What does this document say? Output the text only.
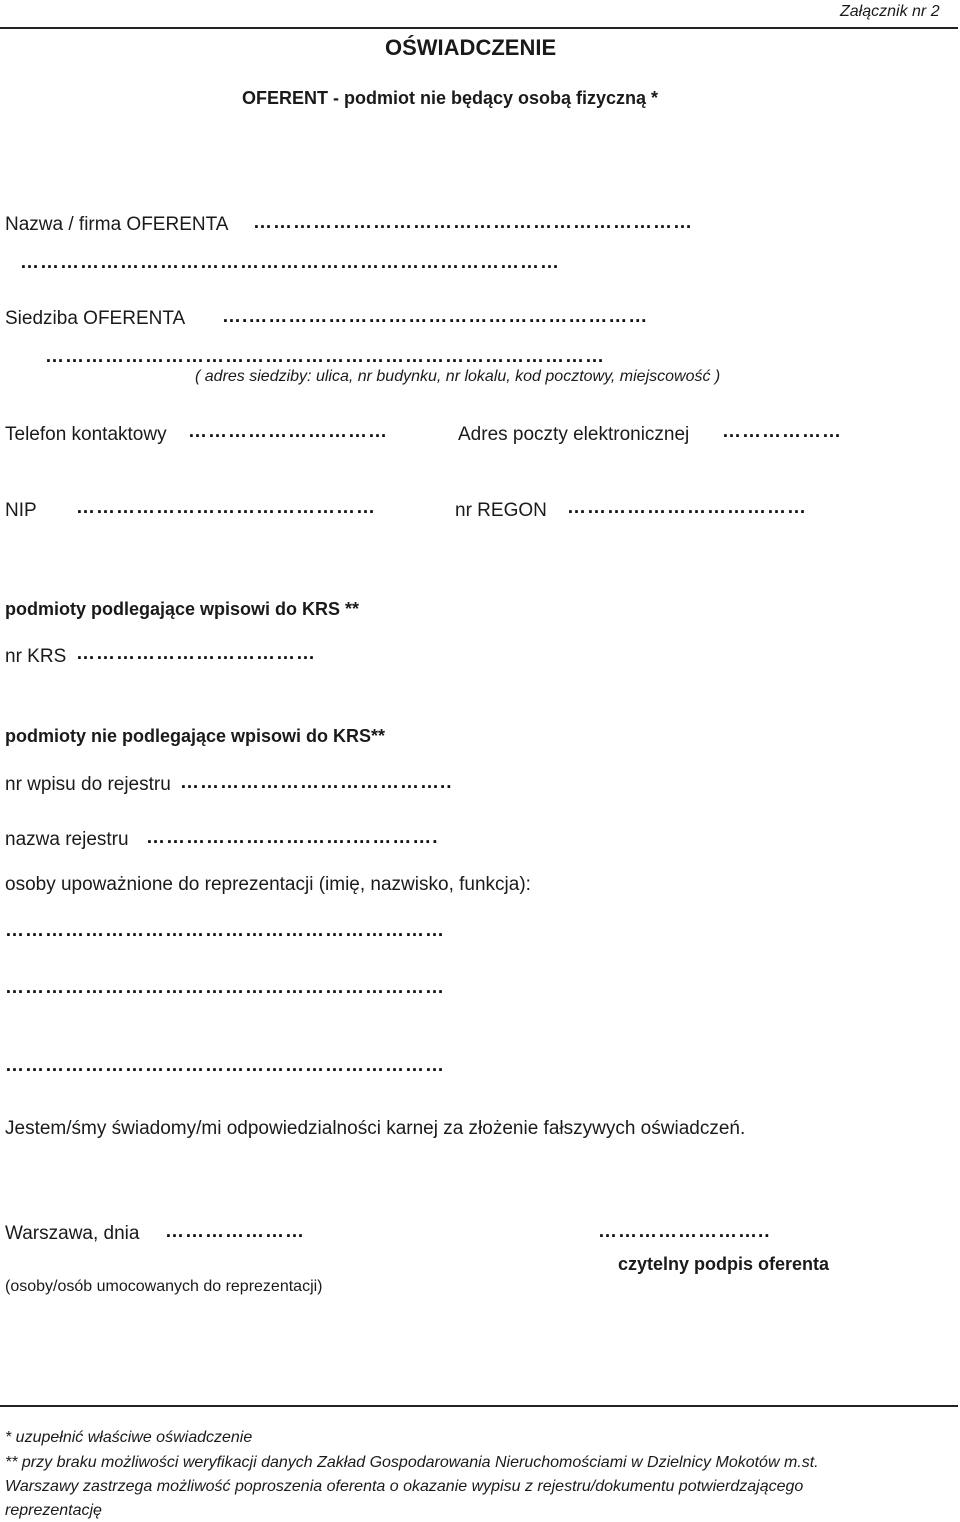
Załącznik nr 2
OŚWIADCZENIE
OFERENT - podmiot nie będący osobą fizyczną *
Nazwa / firma OFERENTA …………………………………………………………
………………………………………………………………………
Siedziba OFERENTA ….……………………………………………………
…………………………………………………………………………
( adres siedziby: ulica, nr budynku, nr lokalu, kod pocztowy, miejscowość )
Telefon kontaktowy …………………………	Adres poczty elektronicznej ………………
NIP ………………………………………	nr REGON ………………………………
podmioty podlegające wpisowi do KRS **
nr KRS ………………………………
podmioty nie podlegające wpisowi do KRS**
nr wpisu do rejestru …………………………………..
nazwa rejestru ………………………….………….
osoby upoważnione do reprezentacji (imię, nazwisko, funkcja):
…………………………………………………………
…………………………………………………………
…………………………………………………………
Jestem/śmy świadomy/mi odpowiedzialności karnej za złożenie fałszywych oświadczeń.
Warszawa, dnia …………………	……………………..
czytelny podpis oferenta
(osoby/osób umocowanych do reprezentacji)
* uzupełnić właściwe oświadczenie
** przy braku możliwości weryfikacji danych Zakład Gospodarowania Nieruchomościami w Dzielnicy Mokotów m.st.
Warszawy zastrzega możliwość poproszenia oferenta o okazanie wypisu z rejestru/dokumentu potwierdzającego
reprezentację
